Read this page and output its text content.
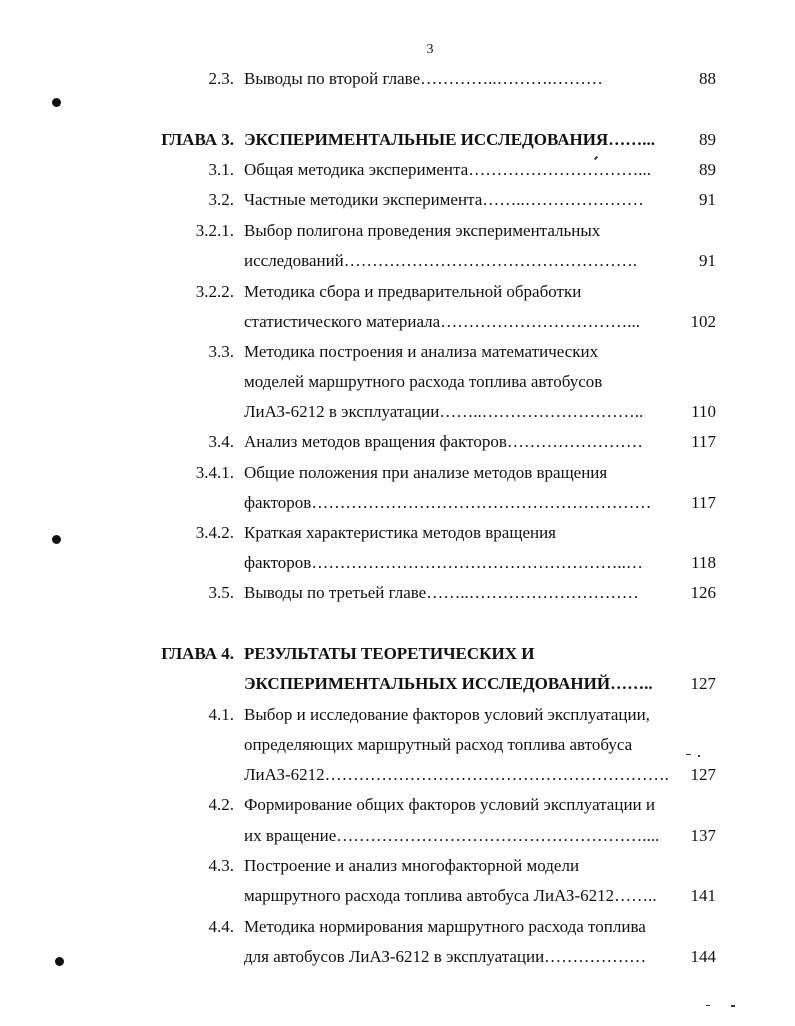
3
2.3. Выводы по второй главе…………..……….………	88
ГЛАВА 3. ЭКСПЕРИМЕНТАЛЬНЫЕ ИССЛЕДОВАНИЯ……...	89
3.1. Общая методика эксперимента…………………………...	89
3.2. Частные методики эксперимента……..…………………	91
3.2.1. Выбор полигона проведения экспериментальных
исследований…………………………………………….	91
3.2.2. Методика сбора и предварительной обработки
статистического материала……………………………...	102
3.3. Методика построения и анализа математических
моделей маршрутного расхода топлива автобусов
ЛиАЗ-6212 в эксплуатации……..………………………..	110
3.4. Анализ методов вращения факторов……………………	117
3.4.1. Общие положения при анализе методов вращения
факторов……………………………………………………	117
3.4.2. Краткая характеристика методов вращения
факторов………………………………………………..…	118
3.5. Выводы по третьей главе……..…………………………	126
ГЛАВА 4. РЕЗУЛЬТАТЫ ТЕОРЕТИЧЕСКИХ И
ЭКСПЕРИМЕНТАЛЬНЫХ ИССЛЕДОВАНИЙ……..	127
4.1. Выбор и исследование факторов условий эксплуатации,
определяющих маршрутный расход топлива автобуса
ЛиАЗ-6212…………………………………………………….	127
4.2. Формирование общих факторов условий эксплуатации и
их вращение………………………………………………....	137
4.3. Построение и анализ многофакторной модели
маршрутного расхода топлива автобуса ЛиАЗ-6212……..	141
4.4. Методика нормирования маршрутного расхода топлива
для автобусов ЛиАЗ-6212 в эксплуатации………………	144
